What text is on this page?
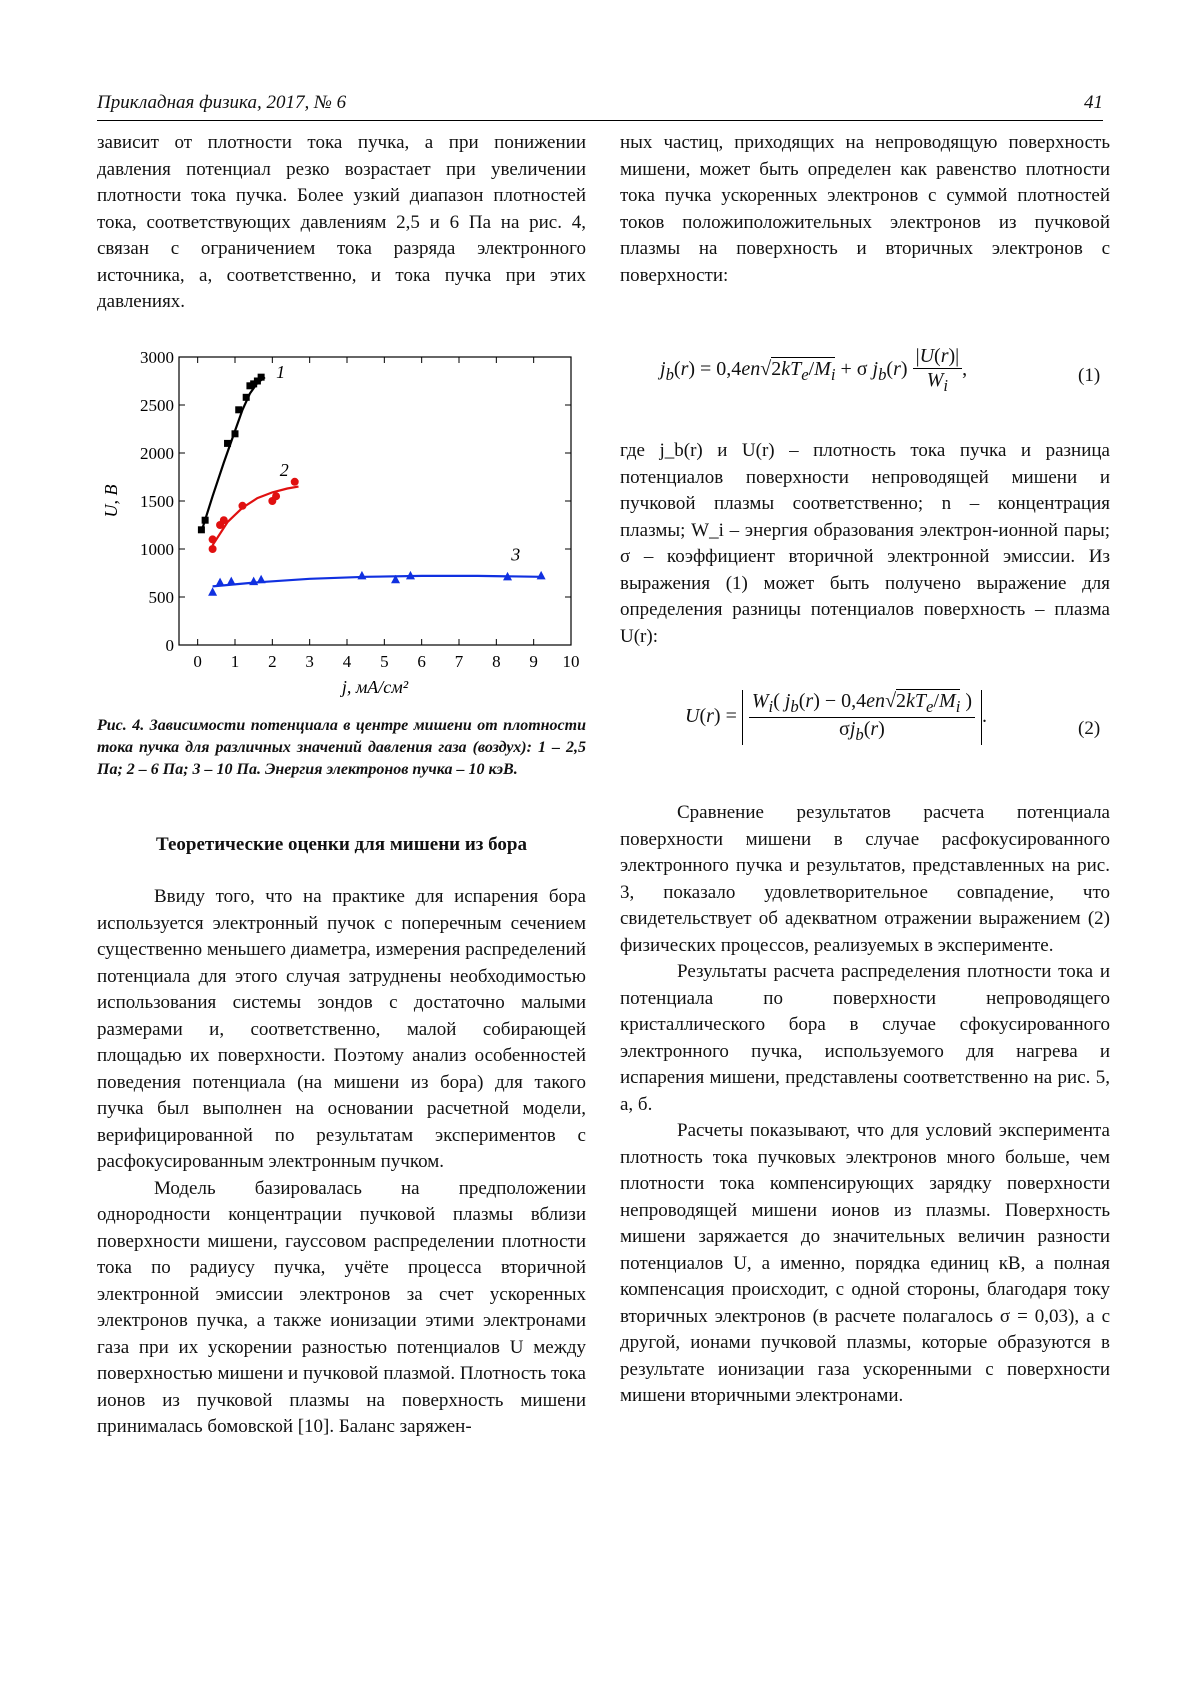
Прикладная физика, 2017, № 6	41

зависит от плотности тока пучка, а при понижении давления потенциал резко возрастает при увеличении плотности тока пучка. Более узкий диапазон плотностей тока, соответствующих давлениям 2,5 и 6 Па на рис. 4, связан с ограничением тока разряда электронного источника, а, соответственно, и тока пучка при этих давлениях.

0 1 2 3 4 5 6 7 8 9 10
0
500
1000
1500
2000
2500
3000
j, мА/см²
U, В
1
2
3
Рис. 4. Зависимости потенциала в центре мишени от плотности тока пучка для различных значений давления газа (воздух): 1 – 2,5 Па; 2 – 6 Па; 3 – 10 Па. Энергия электронов пучка – 10 кэВ.
Теоретические оценки для мишени из бора

Ввиду того, что на практике для испарения бора используется электронный пучок с поперечным сечением существенно меньшего диаметра, измерения распределений потенциала для этого случая затруднены необходимостью использования системы зондов с достаточно малыми размерами и, соответственно, малой собирающей площадью их поверхности. Поэтому анализ особенностей поведения потенциала (на мишени из бора) для такого пучка был выполнен на основании расчетной модели, верифицированной по результатам экспериментов с расфокусированным электронным пучком.

Модель базировалась на предположении однородности концентрации пучковой плазмы вблизи поверхности мишени, гауссовом распределении плотности тока по радиусу пучка, учёте процесса вторичной электронной эмиссии электронов за счет ускоренных электронов пучка, а также ионизации этими электронами газа при их ускорении разностью потенциалов U между поверхностью мишени и пучковой плазмой. Плотность тока ионов из пучковой плазмы на поверхность мишени принималась бомовской [10]. Баланс заряжен-

ных частиц, приходящих на непроводящую поверхность мишени, может быть определен как равенство плотности тока пучка ускоренных электронов с суммой плотностей токов положиположительных электронов из пучковой плазмы на поверхность и вторичных электронов с поверхности:

$j_b(r) = 0,4en√2kT_e/M_i + \sigma$ $j_b(r) \frac{|U(r)|}{W_i}$ ,	(1)

где j_b(r) и U(r) – плотность тока пучка и разница потенциалов поверхности непроводящей мишени и пучковой плазмы соответственно; n – концентрация плазмы; W_i – энергия образования электрон-ионной пары; σ – коэффициент вторичной электронной эмиссии. Из выражения (1) может быть получено выражение для определения разницы потенциалов поверхность – плазма U(r):

$U(r) = \frac{W_i( j_b(r) - 0,4en√2kT_e/M_i )}{\sigma j_b(r)}$ .
(2)

Сравнение результатов расчета потенциала поверхности мишени в случае расфокусированного электронного пучка и результатов, представленных на рис. 3, показало удовлетворительное совпадение, что свидетельствует об адекватном отражении выражением (2) физических процессов, реализуемых в эксперименте.

Результаты расчета распределения плотности тока и потенциала по поверхности непроводящего кристаллического бора в случае сфокусированного электронного пучка, используемого для нагрева и испарения мишени, представлены соответственно на рис. 5, а, б.

Расчеты показывают, что для условий эксперимента плотность тока пучковых электронов много больше, чем плотности тока компенсирующих зарядку поверхности непроводящей мишени ионов из плазмы. Поверхность мишени заряжается до значительных величин разности потенциалов U, а именно, порядка единиц кВ, а полная компенсация происходит, с одной стороны, благодаря току вторичных электронов (в расчете полагалось σ = 0,03), а с другой, ионами пучковой плазмы, которые образуются в результате ионизации газа ускоренными с поверхности мишени вторичными электронами.
